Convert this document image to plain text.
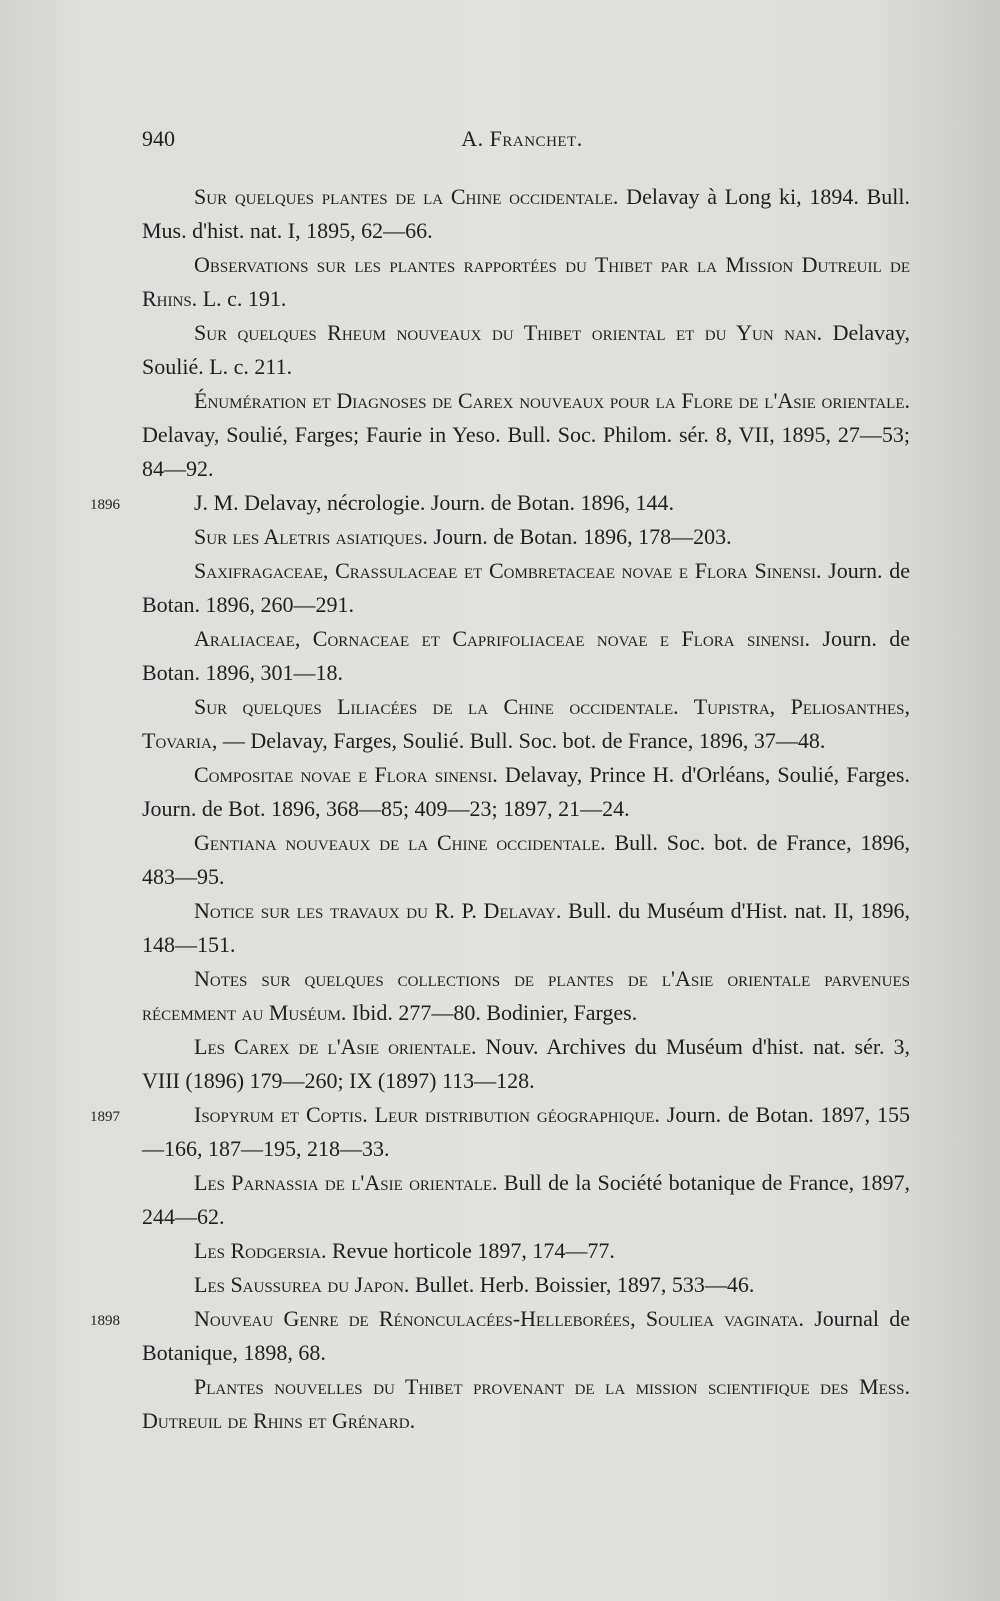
940	A. Franchet.

Sur quelques plantes de la Chine occidentale. Delavay à Long ki, 1894. Bull. Mus. d'hist. nat. I, 1895, 62—66.

Observations sur les plantes rapportées du Thibet par la Mission Dutreuil de Rhins. L. c. 191.

Sur quelques Rheum nouveaux du Thibet oriental et du Yun nan. Delavay, Soulié. L. c. 211.

Énumération et Diagnoses de Carex nouveaux pour la Flore de l'Asie orientale. Delavay, Soulié, Farges; Faurie in Yeso. Bull. Soc. Philom. sér. 8, VII, 1895, 27—53; 84—92.

1896	J. M. Delavay, nécrologie. Journ. de Botan. 1896, 144.

Sur les Aletris asiatiques. Journ. de Botan. 1896, 178—203.

Saxifragaceae, Crassulaceae et Combretaceae novae e Flora Sinensi. Journ. de Botan. 1896, 260—291.

Araliaceae, Cornaceae et Caprifoliaceae novae e Flora sinensi. Journ. de Botan. 1896, 301—18.

Sur quelques Liliacées de la Chine occidentale. Tupistra, Peliosanthes, Tovaria, — Delavay, Farges, Soulié. Bull. Soc. bot. de France, 1896, 37—48.

Compositae novae e Flora sinensi. Delavay, Prince H. d'Orléans, Soulié, Farges. Journ. de Bot. 1896, 368—85; 409—23; 1897, 21—24.

Gentiana nouveaux de la Chine occidentale. Bull. Soc. bot. de France, 1896, 483—95.

Notice sur les travaux du R. P. Delavay. Bull. du Muséum d'Hist. nat. II, 1896, 148—151.

Notes sur quelques collections de plantes de l'Asie orientale parvenues récemment au Muséum. Ibid. 277—80. Bodinier, Farges.

Les Carex de l'Asie orientale. Nouv. Archives du Muséum d'hist. nat. sér. 3, VIII (1896) 179—260; IX (1897) 113—128.

1897	Isopyrum et Coptis. Leur distribution géographique. Journ. de Botan. 1897, 155—166, 187—195, 218—33.

Les Parnassia de l'Asie orientale. Bull de la Société botanique de France, 1897, 244—62.

Les Rodgersia. Revue horticole 1897, 174—77.

Les Saussurea du Japon. Bullet. Herb. Boissier, 1897, 533—46.

1898	Nouveau Genre de Rénonculacées-Helleborées, Souliea vaginata. Journal de Botanique, 1898, 68.

Plantes nouvelles du Thibet provenant de la mission scientifique des Mess. Dutreuil de Rhins et Grénard.
